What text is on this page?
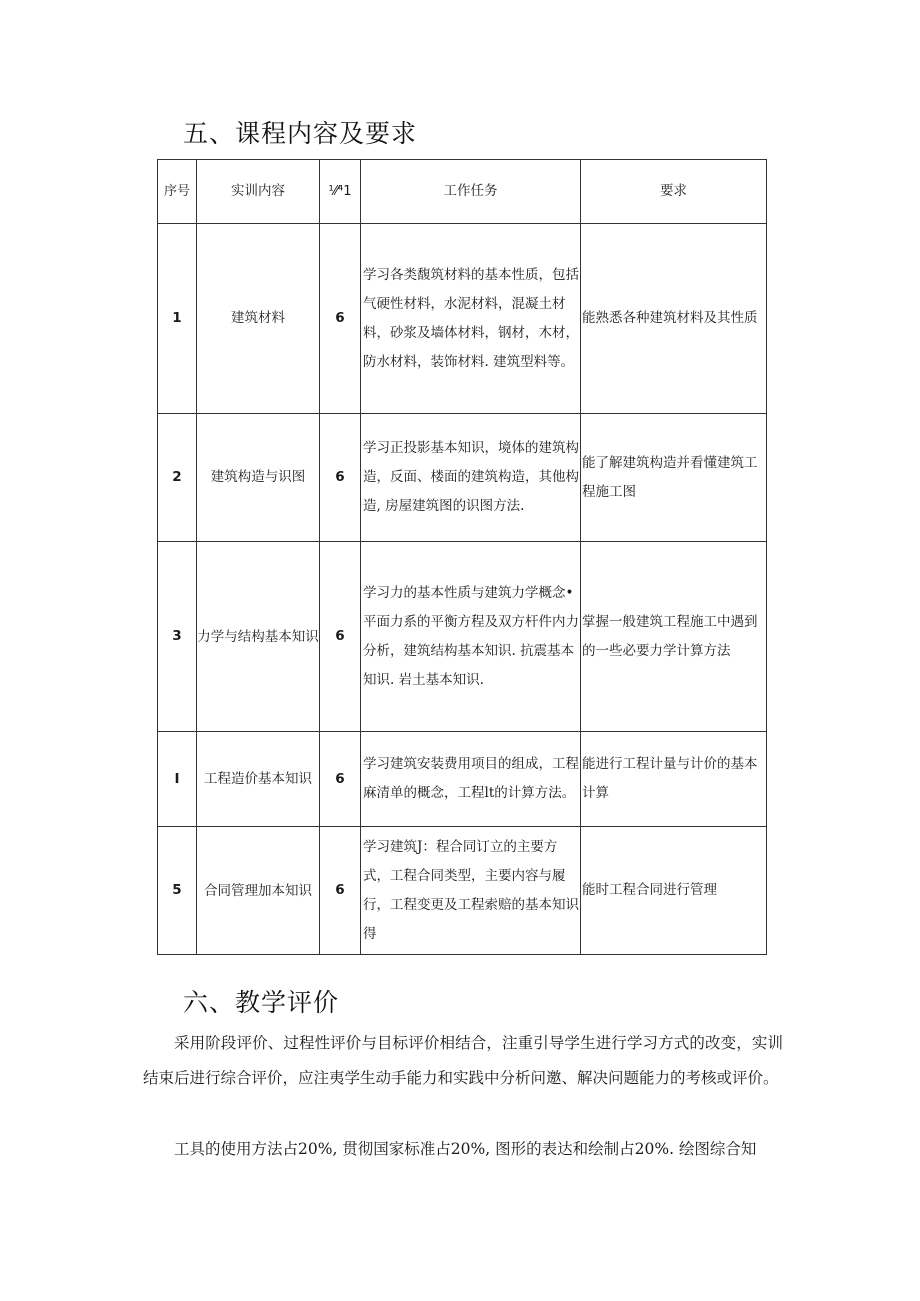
五、课程内容及要求
序号	实训内容	⅟⁄⁴1	工作任务	要求
1	建筑材料	6	学习各类馥筑材料的基本性质，包括气硬性材料，水泥材料，混凝土材料，砂浆及墙体材料，钢材，木材，防水材料，装饰材料. 建筑型料等。	能熟悉各种建筑材料及其性质
2	建筑构造与识图	6	学习正投影基本知识，境体的建筑构造，反面、楼面的建筑构造，其他构造, 房屋建筑图的识图方法.	能了解建筑构造并看懂建筑工程施工图
3	力学与结构基本知识	6	学习力的基本性质与建筑力学概念•平面力系的平衡方程及双方杆件内力分析，建筑结构基本知识. 抗震基本知识. 岩土基本知识.	掌握一般建筑工程施工中遇到的一些必要力学计算方法
I	工程造价基本知识	6	学习建筑安装费用项目的组成，工程麻清单的概念，工程lt的计算方法。	能进行工程计量与计价的基本计算
5	合同管理加本知识	6	学习建筑J：程合同订立的主要方式，工程合同类型，主要内容与履行，工程变更及工程索赔的基本知识得	能时工程合同进行管理
六、教学评价
采用阶段评价、过程性评价与目标评价相结合，注重引导学生进行学习方式的改变，实训结束后进行综合评价，应注夷学生动手能力和实践中分析问邀、解决问题能力的考核或评价。
工具的使用方法占20%, 贯彻国家标准占20%, 图形的表达和绘制占20%. 绘图综合知
